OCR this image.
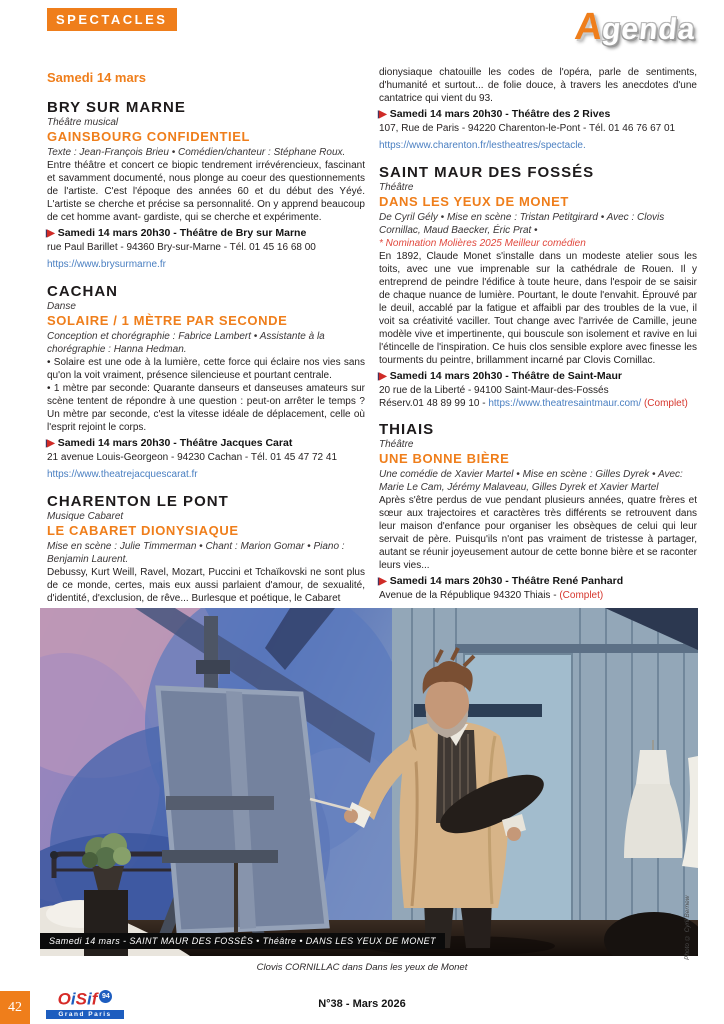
SPECTACLES	Agenda
Samedi 14 mars
BRY SUR MARNE
Théâtre musical
GAINSBOURG CONFIDENTIEL
Texte : Jean-François Brieu • Comédien/chanteur : Stéphane Roux.
Entre théâtre et concert ce biopic tendrement irrévérencieux, fascinant et savamment documenté, nous plonge au coeur des questionnements de l'artiste. C'est l'époque des années 60 et du début des Yéyé. L'artiste se cherche et précise sa personnalité. On y apprend beaucoup de cet homme avant- gardiste, qui se cherche et expérimente.
▶ Samedi 14 mars 20h30 - Théâtre de Bry sur Marne
rue Paul Barillet - 94360 Bry-sur-Marne - Tél. 01 45 16 68 00
https://www.brysurmarne.fr
CACHAN
Danse
SOLAIRE / 1 MÈTRE PAR SECONDE
Conception et chorégraphie : Fabrice Lambert • Assistante à la chorégraphie : Hanna Hedman.
• Solaire est une ode à la lumière, cette force qui éclaire nos vies sans qu'on la voit vraiment, présence silencieuse et pourtant centrale.
• 1 mètre par seconde: Quarante danseurs et danseuses amateurs sur scène tentent de répondre à une question : peut-on arrêter le temps ? Un mètre par seconde, c'est la vitesse idéale de déplacement, celle où l'esprit rejoint le corps.
▶ Samedi 14 mars 20h30 - Théâtre Jacques Carat
21 avenue Louis-Georgeon - 94230 Cachan - Tél. 01 45 47 72 41
https://www.theatrejacquescarat.fr
CHARENTON LE PONT
Musique Cabaret
LE CABARET DIONYSIAQUE
Mise en scène : Julie Timmerman • Chant : Marion Gomar • Piano : Benjamin Laurent.
Debussy, Kurt Weill, Ravel, Mozart, Puccini et Tchaïkovski ne sont plus de ce monde, certes, mais eux aussi parlaient d'amour, de sexualité, d'identité, d'exclusion, de rêve... Burlesque et poétique, le Cabaret
dionysiaque chatouille les codes de l'opéra, parle de sentiments, d'humanité et surtout... de folie douce, à travers les anecdotes d'une cantatrice qui vient du 93.
▶ Samedi 14 mars 20h30 - Théâtre des 2 Rives
107, Rue de Paris - 94220 Charenton-le-Pont - Tél. 01 46 76 67 01
https://www.charenton.fr/lestheatres/spectacle.
SAINT MAUR DES FOSSÉS
Théâtre
DANS LES YEUX DE MONET
De Cyril Gély • Mise en scène : Tristan Petitgirard • Avec : Clovis Cornillac, Maud Baecker, Éric Prat •
* Nomination Molières 2025 Meilleur comédien
En 1892, Claude Monet s'installe dans un modeste atelier sous les toits, avec une vue imprenable sur la cathédrale de Rouen. Il y entreprend de peindre l'édifice à toute heure, dans l'espoir de se saisir de chaque nuance de lumière. Pourtant, le doute l'envahit. Éprouvé par le deuil, accablé par la fatigue et affaibli par des troubles de la vue, il voit sa créativité vaciller. Tout change avec l'arrivée de Camille, jeune modèle vive et impertinente, qui bouscule son isolement et ravive en lui l'étincelle de l'inspiration. Ce huis clos sensible explore avec finesse les tourments du peintre, brillamment incarné par Clovis Cornillac.
▶ Samedi 14 mars 20h30 - Théâtre de Saint-Maur
20 rue de la Liberté - 94100 Saint-Maur-des-Fossés
Réserv.01 48 89 99 10 - https://www.theatresaintmaur.com/ (Complet)
THIAIS
Théâtre
UNE BONNE BIÈRE
Une comédie de Xavier Martel • Mise en scène : Gilles Dyrek • Avec: Marie Le Cam, Jérémy Malaveau, Gilles Dyrek et Xavier Martel
Après s'être perdus de vue pendant plusieurs années, quatre frères et sœur aux trajectoires et caractères très différents se retrouvent dans leur maison d'enfance pour organiser les obsèques de celui qui leur servait de père. Puisqu'ils n'ont pas vraiment de tristesse à partager, autant se réunir joyeusement autour de cette bonne bière et se raconter leurs vies...
▶ Samedi 14 mars 20h30 - Théâtre René Panhard
Avenue de la République 94320 Thiais - (Complet)
Samedi 14 mars - SAINT MAUR DES FOSSÉS • Théâtre • DANS LES YEUX DE MONET	Photo © Cyril Bernew
Clovis CORNILLAC dans Dans les yeux de Monet
42	OiSif 94
Grand Paris
N°38 - Mars 2026
